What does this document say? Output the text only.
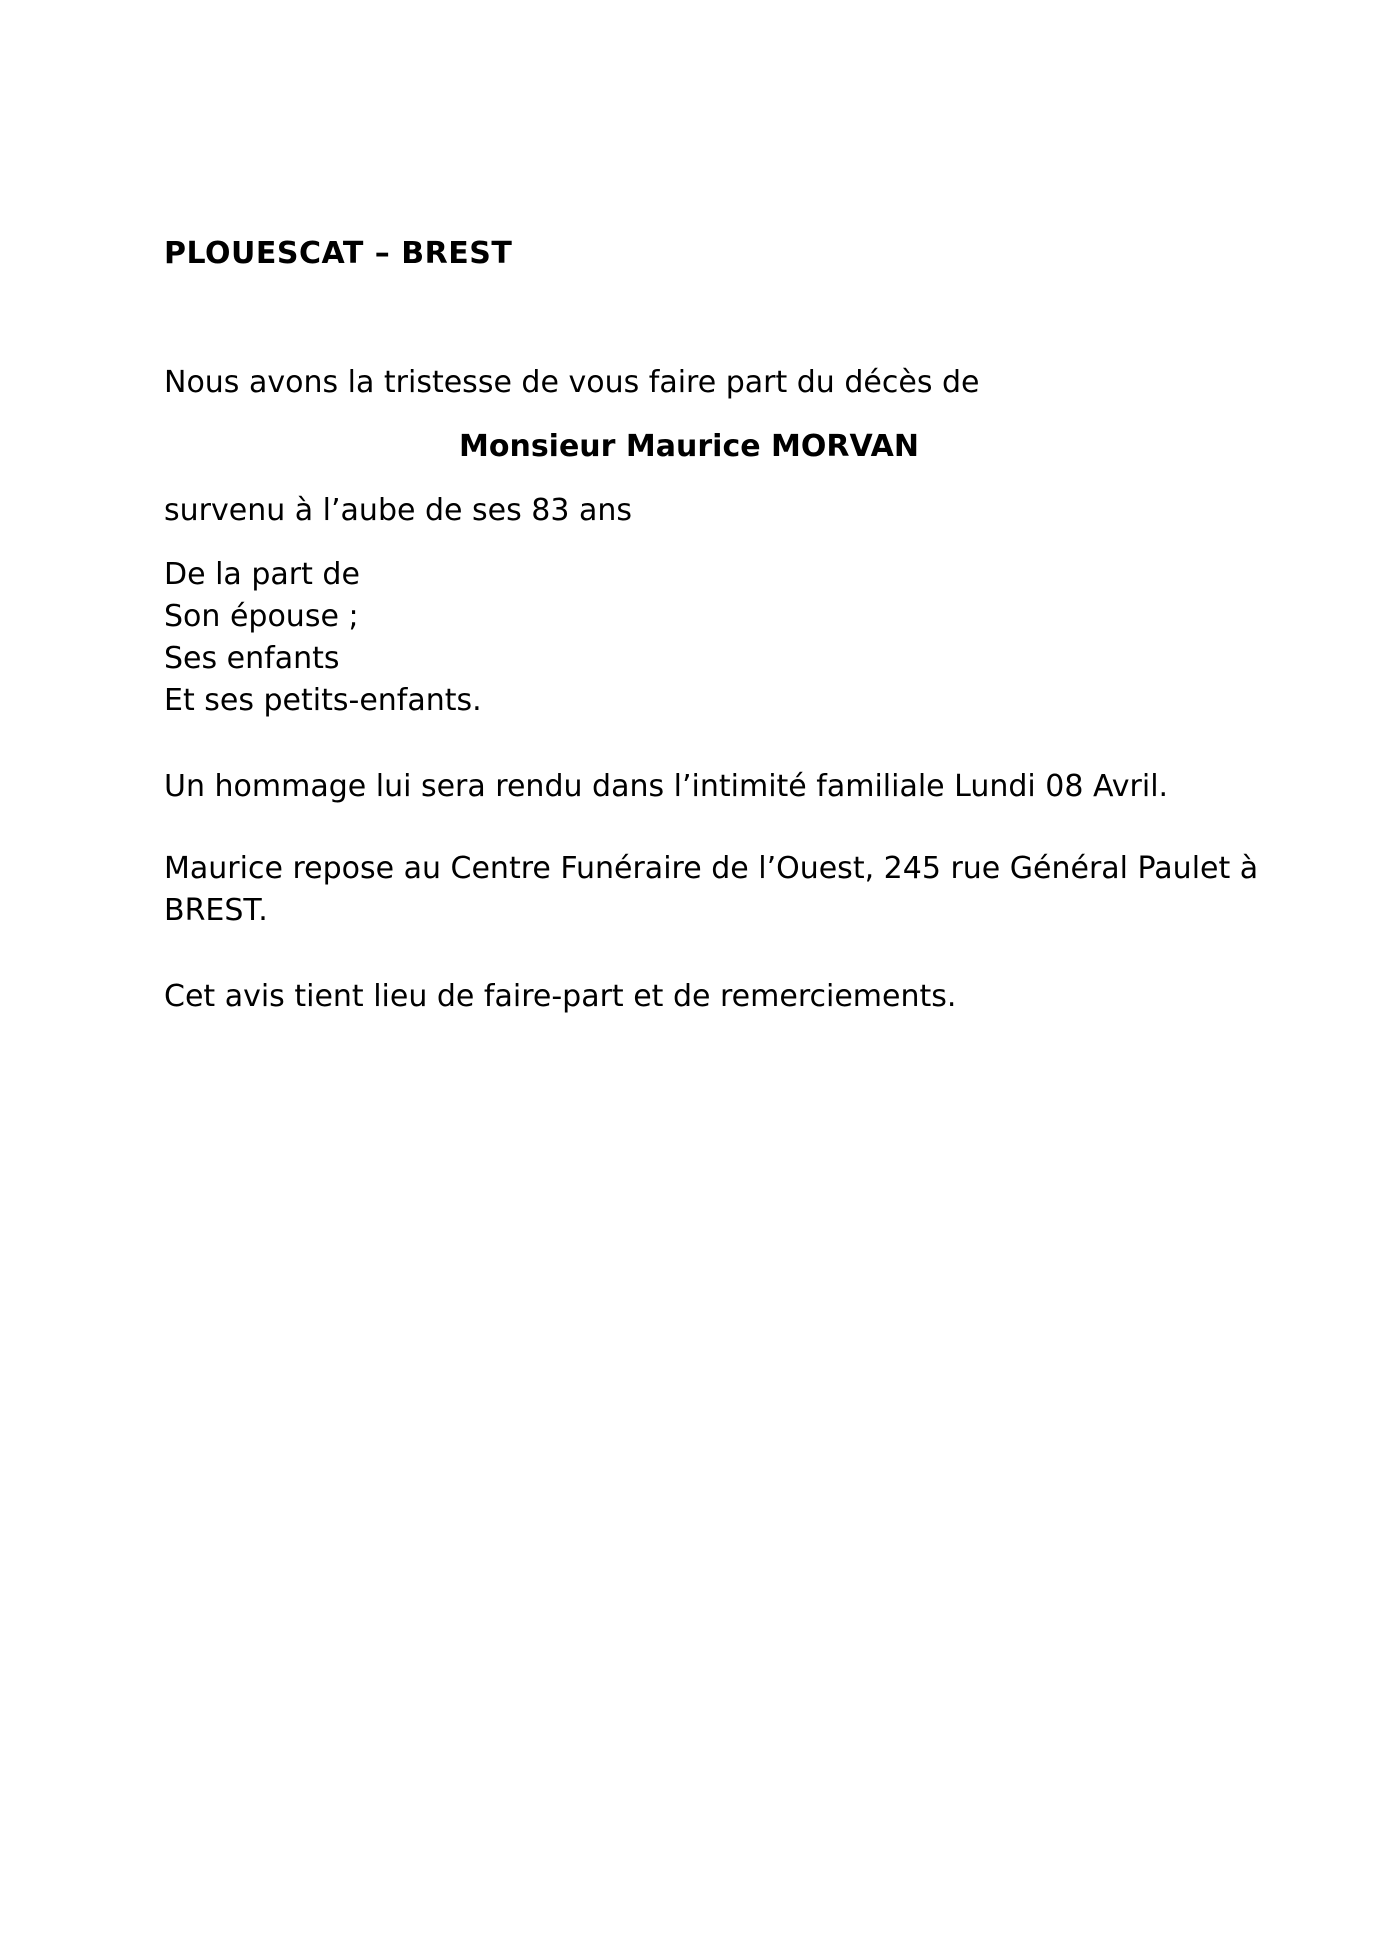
PLOUESCAT – BREST
Nous avons la tristesse de vous faire part du décès de
Monsieur Maurice MORVAN
survenu à l’aube de ses 83 ans
De la part de
Son épouse ;
Ses enfants
Et ses petits-enfants.
Un hommage lui sera rendu dans l’intimité familiale Lundi 08 Avril.
Maurice repose au Centre Funéraire de l’Ouest, 245 rue Général Paulet à
BREST.
Cet avis tient lieu de faire-part et de remerciements.
